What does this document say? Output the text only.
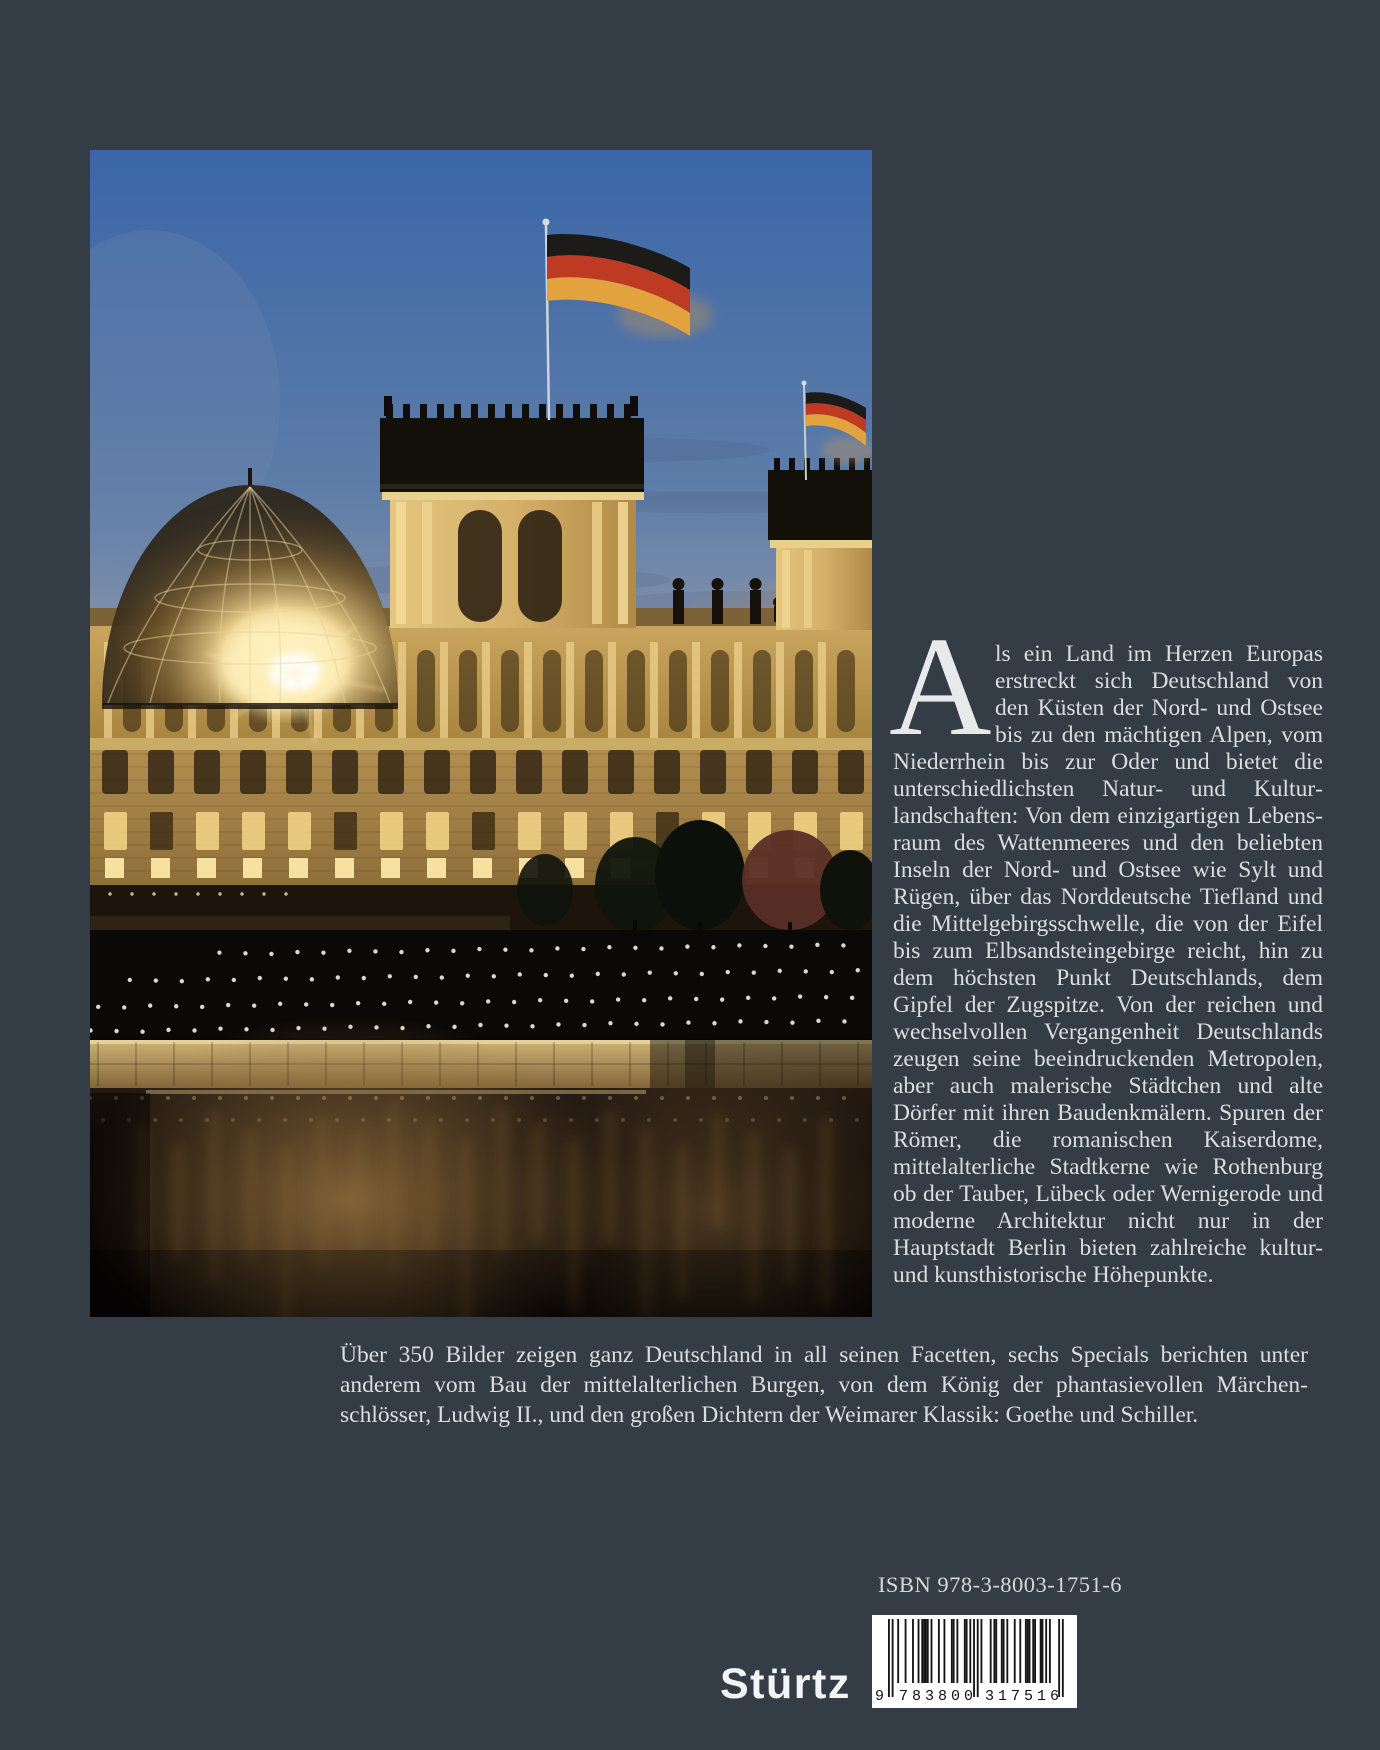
A ls ein Land im Herzen Europas erstreckt sich Deutschland von den Küsten der Nord- und Ostsee bis zu den mächtigen Alpen, vom Niederrhein bis zur Oder und bietet die unterschiedlichsten Natur- und Kulturlandschaften: Von dem einzigartigen Lebensraum des Wattenmeeres und den beliebten Inseln der Nord- und Ostsee wie Sylt und Rügen, über das Norddeutsche Tiefland und die Mittelgebirgsschwelle, die von der Eifel bis zum Elbsandsteingebirge reicht, hin zu dem höchsten Punkt Deutschlands, dem Gipfel der Zugspitze. Von der reichen und wechselvollen Vergangenheit Deutschlands zeugen seine beeindruckenden Metropolen, aber auch malerische Städtchen und alte Dörfer mit ihren Baudenkmälern. Spuren der Römer, die romanischen Kaiserdome, mittelalterliche Stadtkerne wie Rothenburg ob der Tauber, Lübeck oder Wernigerode und moderne Architektur nicht nur in der Hauptstadt Berlin bieten zahlreiche kultur- und kunsthistorische Höhepunkte.
Über 350 Bilder zeigen ganz Deutschland in all seinen Facetten, sechs Specials berichten unter anderem vom Bau der mittelalterlichen Burgen, von dem König der phantasievollen Märchenschlösser, Ludwig II., und den großen Dichtern der Weimarer Klassik: Goethe und Schiller.
ISBN 978-3-8003-1751-6
Stürtz 9 783800 317516
